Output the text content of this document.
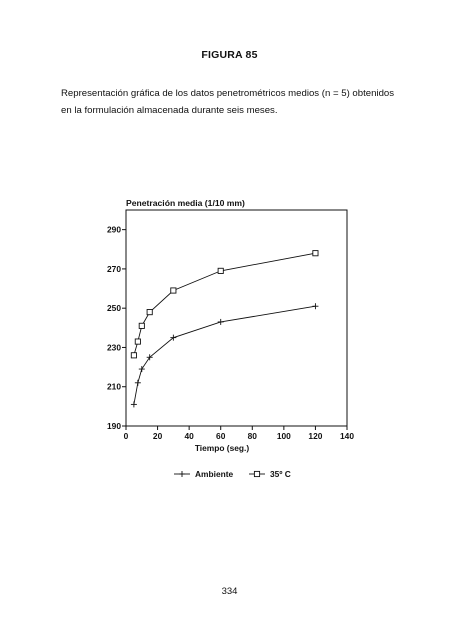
FIGURA 85

Representación gráfica de los datos penetrométricos medios (n = 5) obtenidos

en la formulación almacenada durante seis meses.

Penetración media (1/10 mm)
190
210
230
250
270
290
0	20	40	60	80 100 120 140
Tiempo (seg.)
Ambiente	35º C
334
